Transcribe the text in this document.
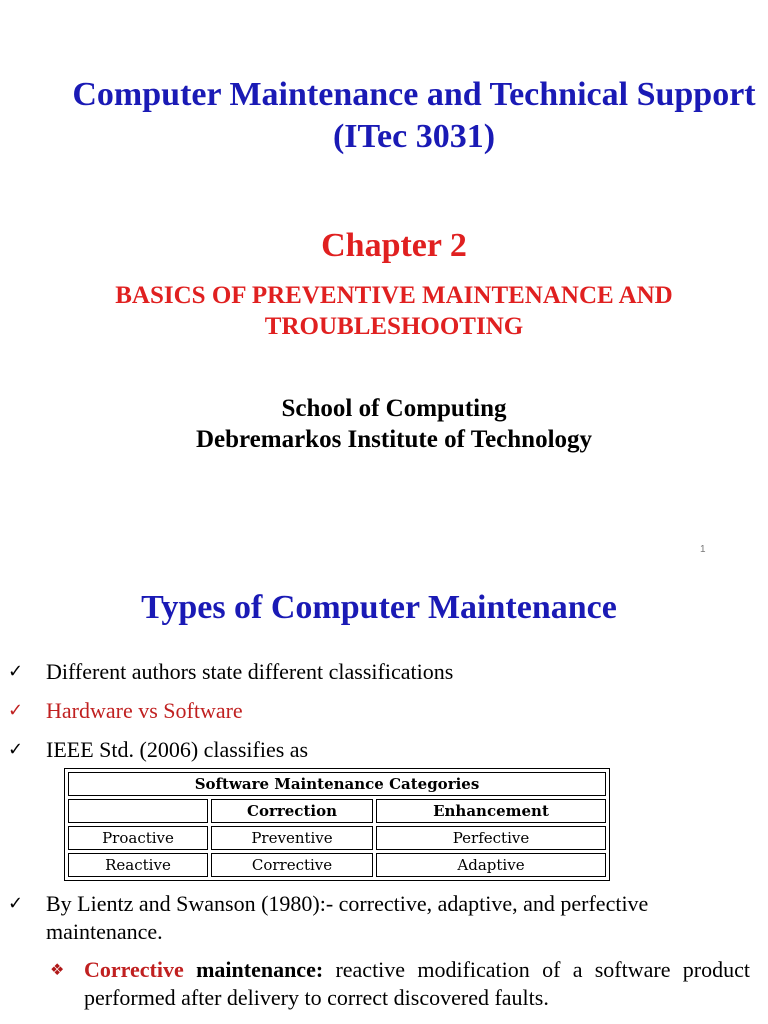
Computer Maintenance and Technical Support (ITec 3031)
Chapter 2
BASICS OF PREVENTIVE MAINTENANCE AND TROUBLESHOOTING
School of Computing
Debremarkos Institute of Technology
1
Types of Computer Maintenance
✓ Different authors state different classifications
✓ Hardware vs Software
✓ IEEE Std. (2006) classifies as
Software Maintenance Categories		
	Correction	Enhancement
Proactive	Preventive	Perfective
Reactive	Corrective	Adaptive
✓ By Lientz and Swanson (1980):- corrective, adaptive, and perfective maintenance.
❖ Corrective maintenance: reactive modification of a software product performed after delivery to correct discovered faults.
